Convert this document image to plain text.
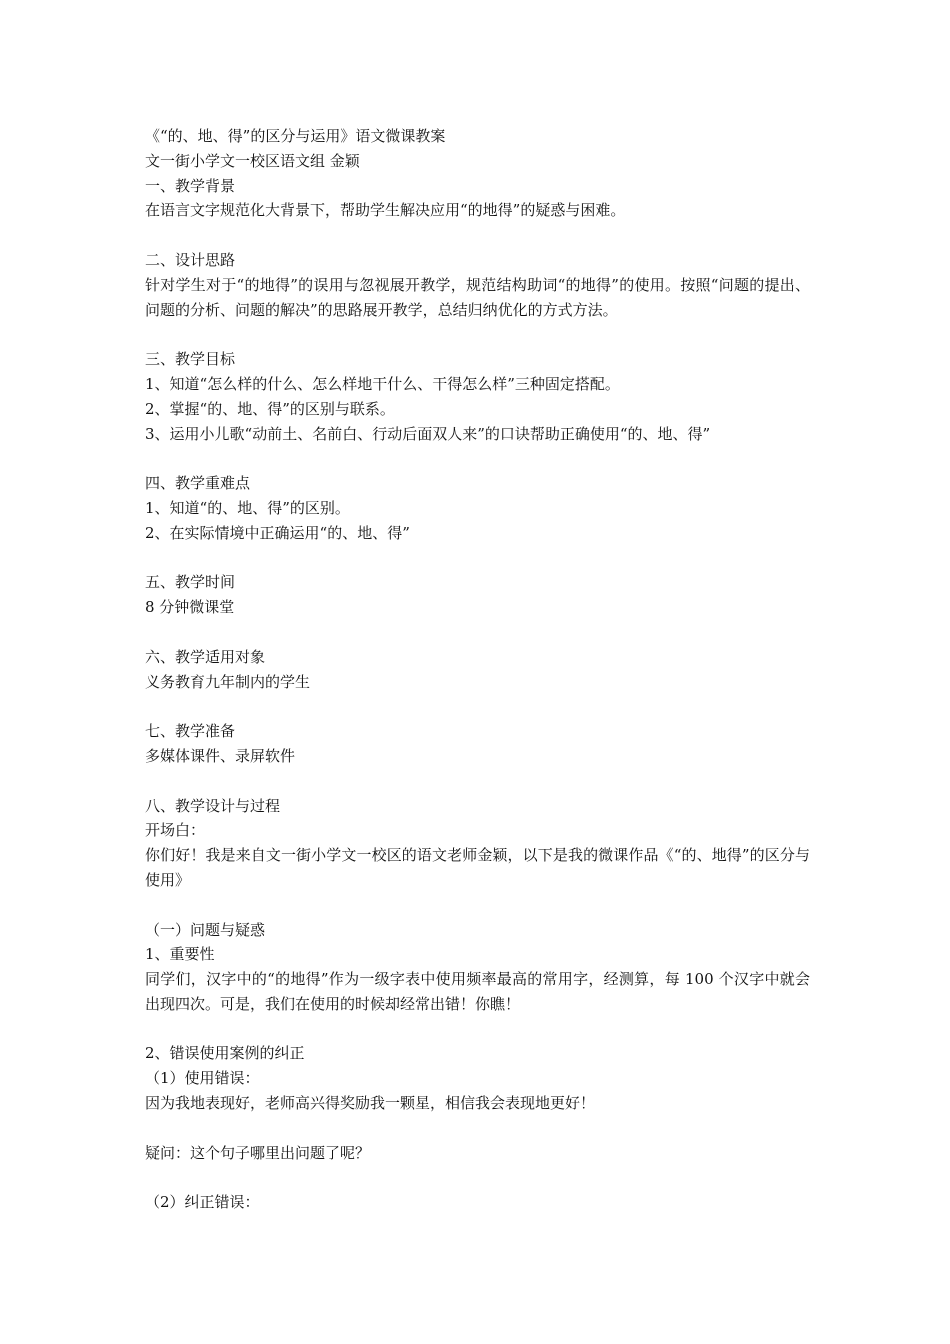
《“的、地、得”的区分与运用》语文微课教案
文一街小学文一校区语文组 金颖
一、教学背景
在语言文字规范化大背景下，帮助学生解决应用“的地得”的疑惑与困难。
二、设计思路
针对学生对于“的地得”的误用与忽视展开教学，规范结构助词“的地得”的使用。按照“问题的提出、问题的分析、问题的解决”的思路展开教学，总结归纳优化的方式方法。
三、教学目标
1、知道“怎么样的什么、怎么样地干什么、干得怎么样”三种固定搭配。
2、掌握“的、地、得”的区别与联系。
3、运用小儿歌“动前土、名前白、行动后面双人来”的口诀帮助正确使用“的、地、得”
四、教学重难点
1、知道“的、地、得”的区别。
2、在实际情境中正确运用“的、地、得”
五、教学时间
8 分钟微课堂
六、教学适用对象
义务教育九年制内的学生
七、教学准备
多媒体课件、录屏软件
八、教学设计与过程
开场白：
你们好！我是来自文一街小学文一校区的语文老师金颖，以下是我的微课作品《“的、地得”的区分与使用》
（一）问题与疑惑
1、重要性
同学们，汉字中的“的地得”作为一级字表中使用频率最高的常用字，经测算，每 100 个汉字中就会出现四次。可是，我们在使用的时候却经常出错！你瞧！
2、错误使用案例的纠正
（1）使用错误：
因为我地表现好，老师高兴得奖励我一颗星，相信我会表现地更好！
疑问：这个句子哪里出问题了呢？
（2）纠正错误：
